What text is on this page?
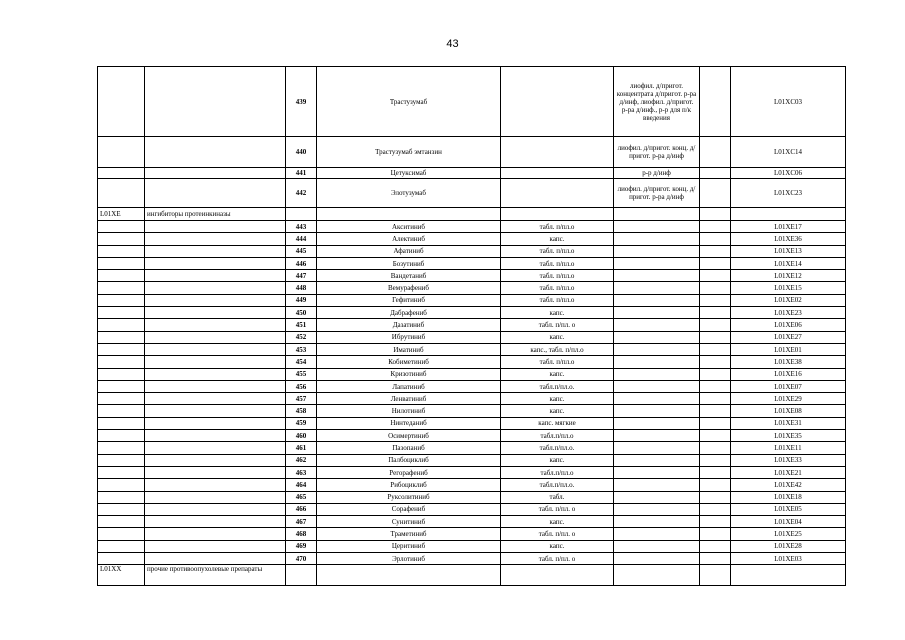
43
		439	Трастузумаб		лиофил. д/пригот. концентрата д/пригот. р-ра д/инф, лиофил. д/пригот. р-ра д/инф., р-р для п/к введения		L01XC03
		440	Трастузумаб эмтанзин		лиофил. д/пригот. конц. д/пригот. р-ра д/инф		L01XC14
		441	Цетуксимаб		р-р д/инф		L01XC06
		442	Элотузумаб		лиофил. д/пригот. конц. д/пригот. р-ра д/инф		L01XC23
L01XE	ингибиторы протеинкиназы						
		443	Акситиниб	табл. п/пл.о			L01XE17
		444	Алектиниб	капс.			L01XE36
		445	Афатиниб	табл. п/пл.о			L01XE13
		446	Бозутиниб	табл. п/пл.о			L01XE14
		447	Вандетаниб	табл. п/пл.о			L01XE12
		448	Вемурафениб	табл. п/пл.о			L01XE15
		449	Гефитиниб	табл. п/пл.о			L01XE02
		450	Дабрафениб	капс.			L01XE23
		451	Дазатиниб	табл. п/пл. о			L01XE06
		452	Ибрутиниб	капс.			L01XE27
		453	Иматиниб	капс., табл. п/пл.о			L01XE01
		454	Кобиметиниб	табл. п/пл.о			L01XE38
		455	Кризотиниб	капс.			L01XE16
		456	Лапатиниб	табл.п/пл.о.			L01XE07
		457	Ленватиниб	капс.			L01XE29
		458	Нилотиниб	капс.			L01XE08
		459	Нинтеданиб	капс. мягкие			L01XE31
		460	Осимертиниб	табл.п/пл.о			L01XE35
		461	Пазопаниб	табл.п/пл.о.			L01XE11
		462	Палбоциклиб	капс.			L01XE33
		463	Регорафениб	табл.п/пл.о			L01XE21
		464	Рибоциклиб	табл.п/пл.о.			L01XE42
		465	Руксолитиниб	табл.			L01XE18
		466	Сорафениб	табл. п/пл. о			L01XE05
		467	Сунитиниб	капс.			L01XE04
		468	Траметиниб	табл. п/пл. о			L01XE25
		469	Церитиниб	капс.			L01XE28
		470	Эрлотиниб	табл. п/пл. о			L01XE03
L01XX	прочие противоопухолевые препараты						
